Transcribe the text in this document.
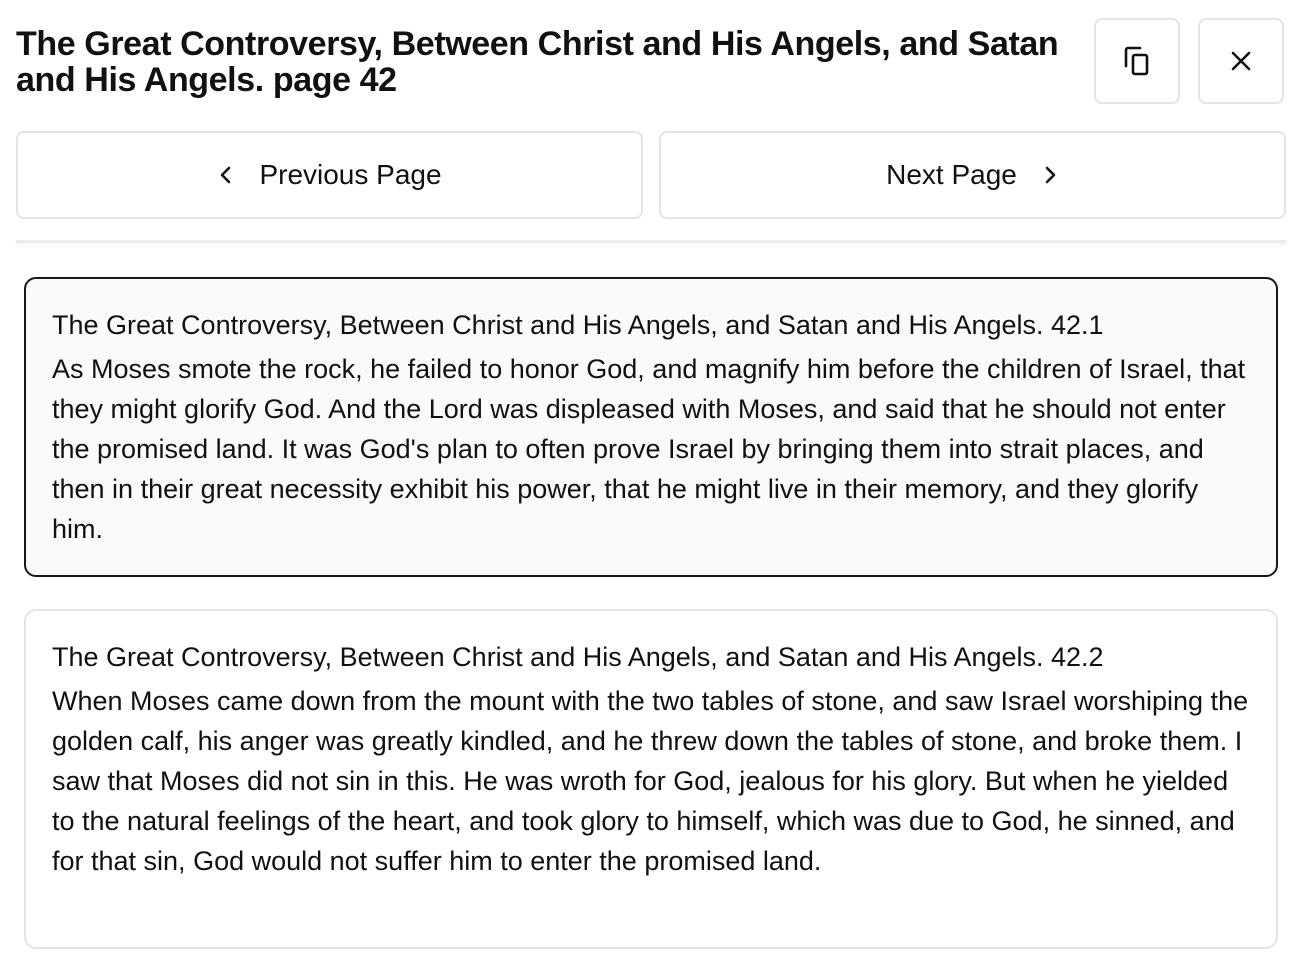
The Great Controversy, Between Christ and His Angels, and Satan and His Angels. page 42
Previous Page	Next Page

The Great Controversy, Between Christ and His Angels, and Satan and His Angels. 42.1

As Moses smote the rock, he failed to honor God, and magnify him before the children of Israel, that they might glorify God. And the Lord was displeased with Moses, and said that he should not enter the promised land. It was God's plan to often prove Israel by bringing them into strait places, and then in their great necessity exhibit his power, that he might live in their memory, and they glorify him.

The Great Controversy, Between Christ and His Angels, and Satan and His Angels. 42.2

When Moses came down from the mount with the two tables of stone, and saw Israel worshiping the golden calf, his anger was greatly kindled, and he threw down the tables of stone, and broke them. I saw that Moses did not sin in this. He was wroth for God, jealous for his glory. But when he yielded to the natural feelings of the heart, and took glory to himself, which was due to God, he sinned, and for that sin, God would not suffer him to enter the promised land.
